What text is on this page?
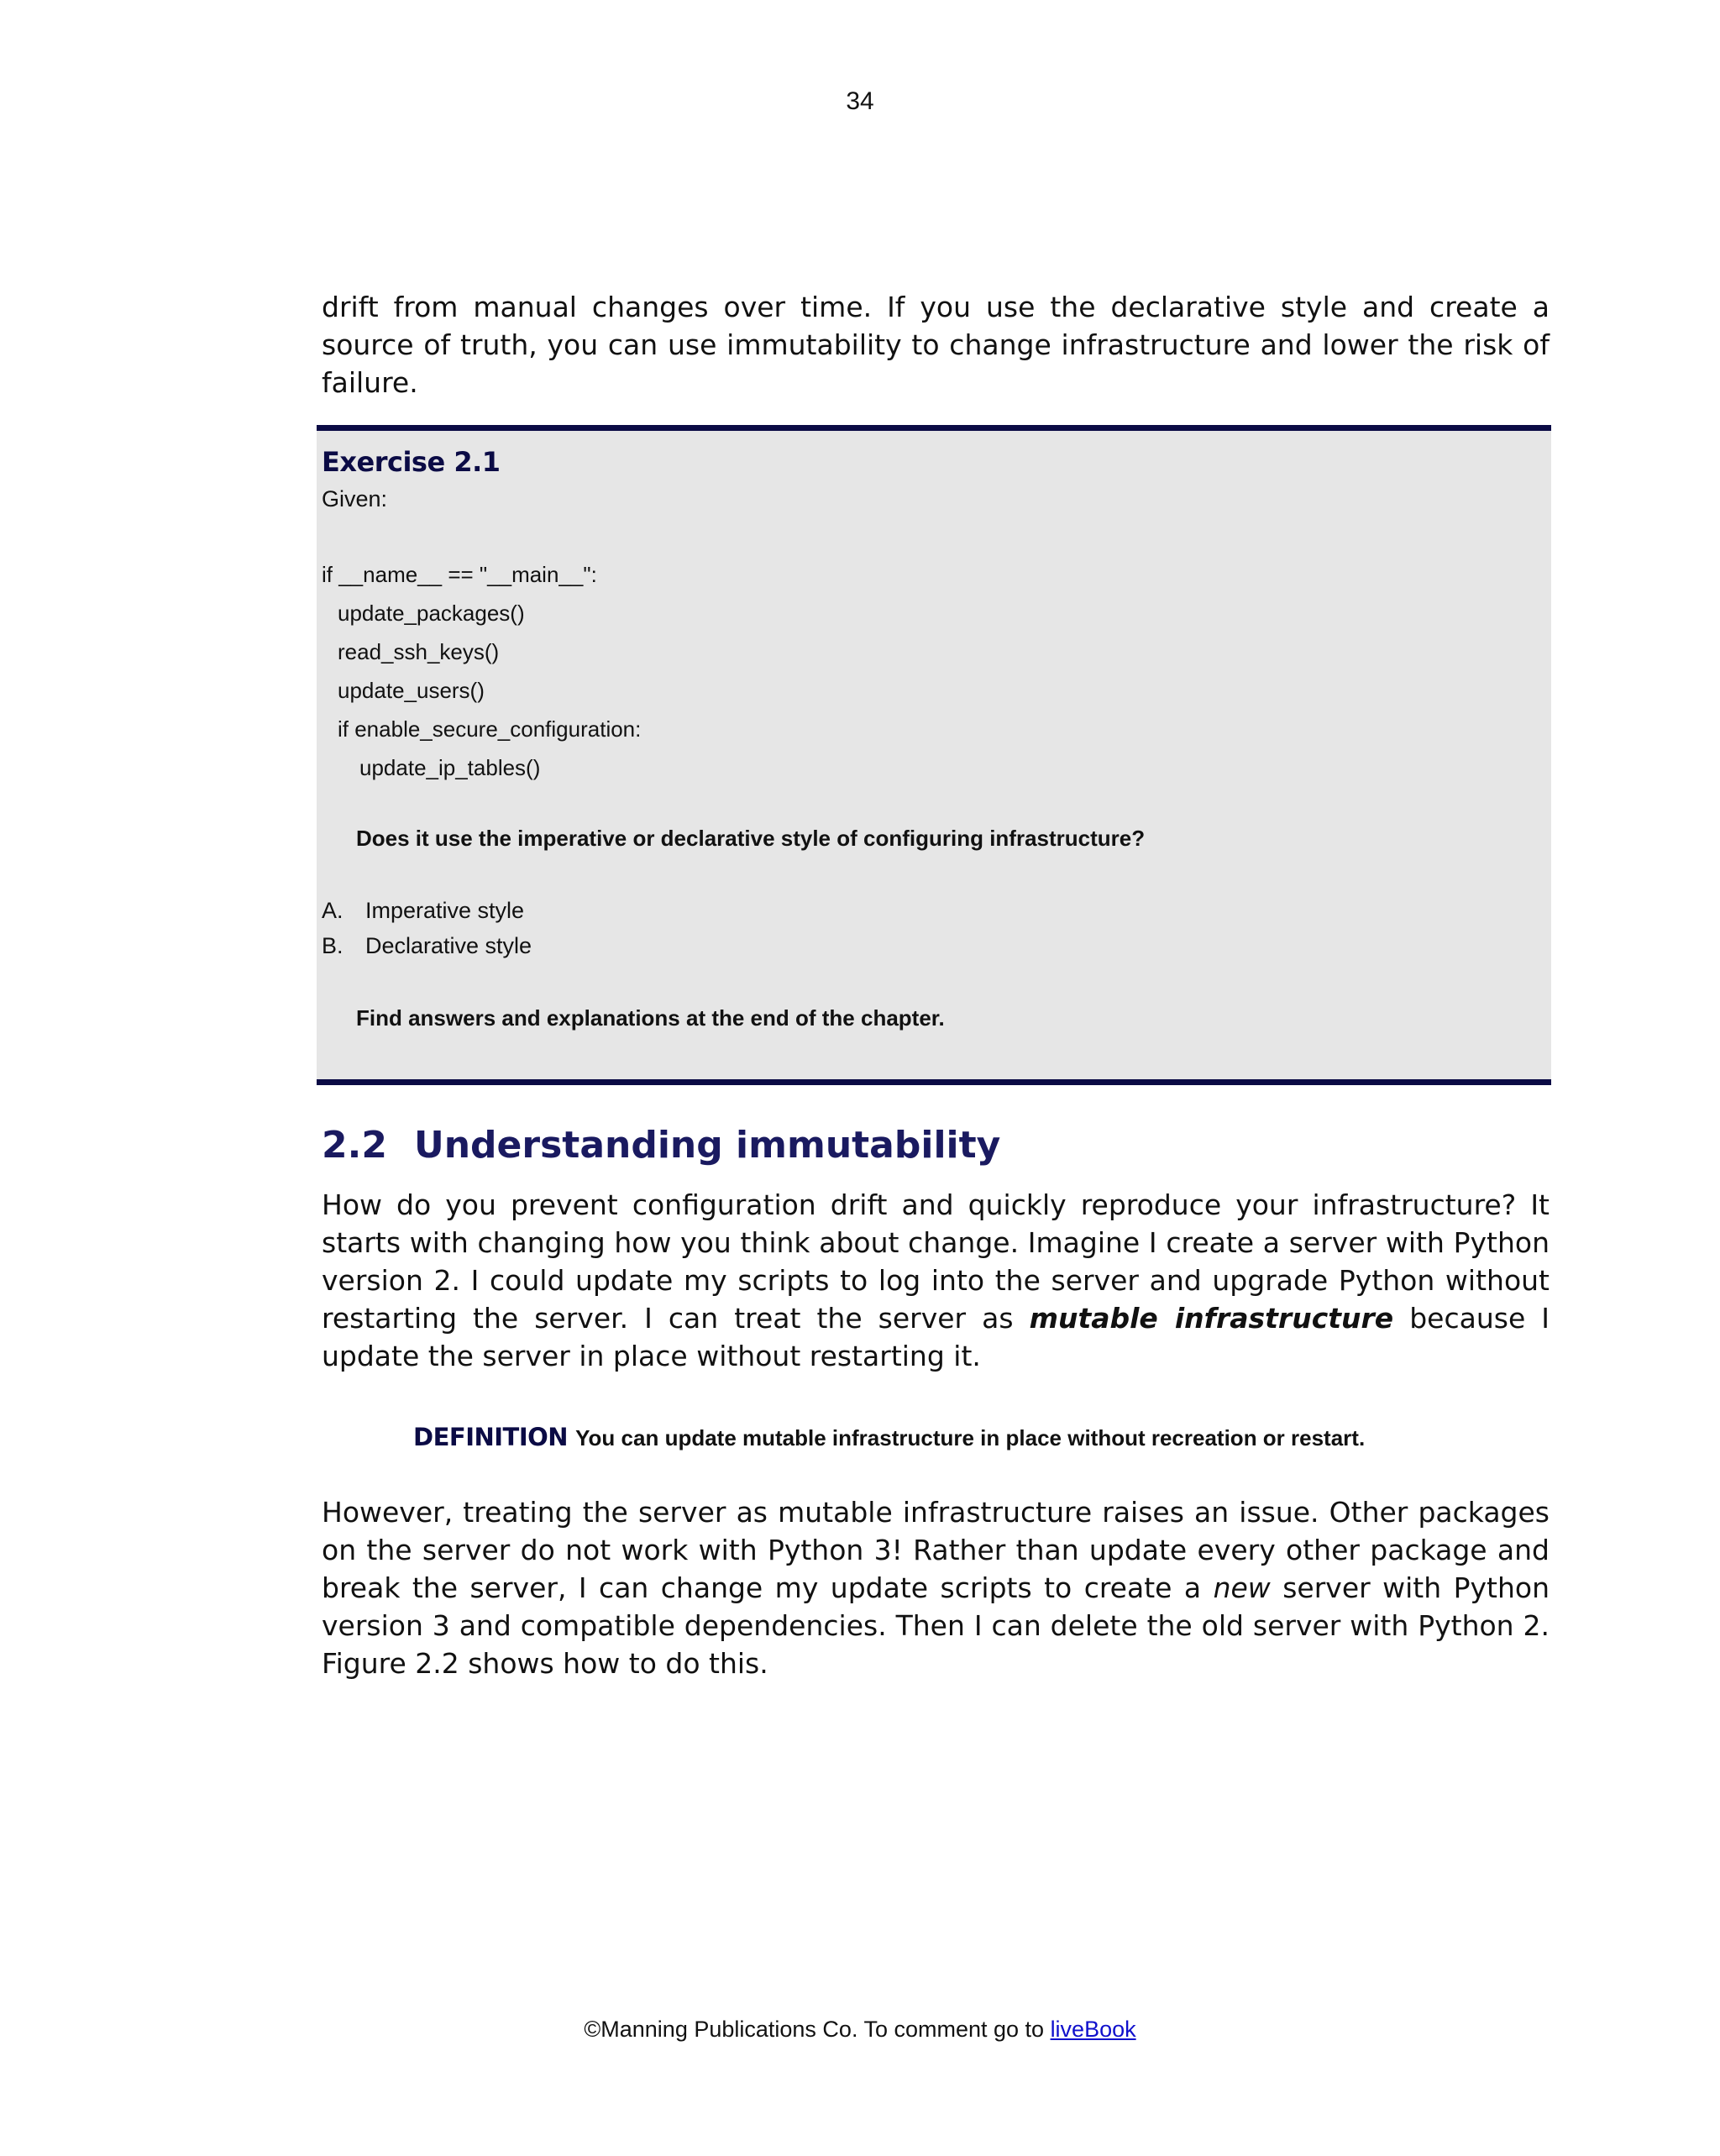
34

drift from manual changes over time. If you use the declarative style and create a source of truth, you can use immutability to change infrastructure and lower the risk of failure.

Exercise 2.1
Given:
if __name__ == "__main__":
update_packages()
read_ssh_keys()
update_users()
if enable_secure_configuration:
update_ip_tables()
Does it use the imperative or declarative style of configuring infrastructure?
A. Imperative style
B. Declarative style
Find answers and explanations at the end of the chapter.
2.2 Understanding immutability

How do you prevent configuration drift and quickly reproduce your infrastructure? It starts with changing how you think about change. Imagine I create a server with Python version 2. I could update my scripts to log into the server and upgrade Python without restarting the server. I can treat the server as mutable infrastructure because I update the server in place without restarting it.

DEFINITION You can update mutable infrastructure in place without recreation or restart.

However, treating the server as mutable infrastructure raises an issue. Other packages on the server do not work with Python 3! Rather than update every other package and break the server, I can change my update scripts to create a new server with Python version 3 and compatible dependencies. Then I can delete the old server with Python 2. Figure 2.2 shows how to do this.

©Manning Publications Co. To comment go to liveBook
